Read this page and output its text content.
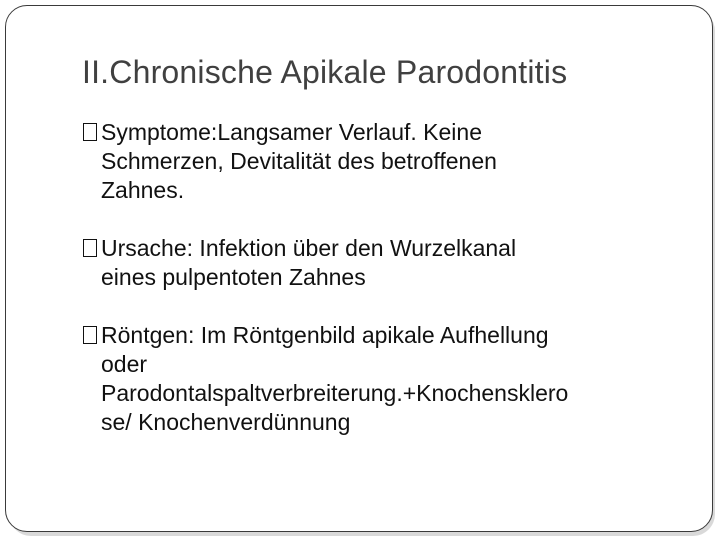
II.Chronische Apikale Parodontitis
Symptome:Langsamer Verlauf. Keine
Schmerzen, Devitalität des betroffenen
Zahnes.
Ursache: Infektion über den Wurzelkanal
eines pulpentoten Zahnes
Röntgen: Im Röntgenbild apikale Aufhellung
oder
Parodontalspaltverbreiterung.+Knochensklero
se/ Knochenverdünnung
